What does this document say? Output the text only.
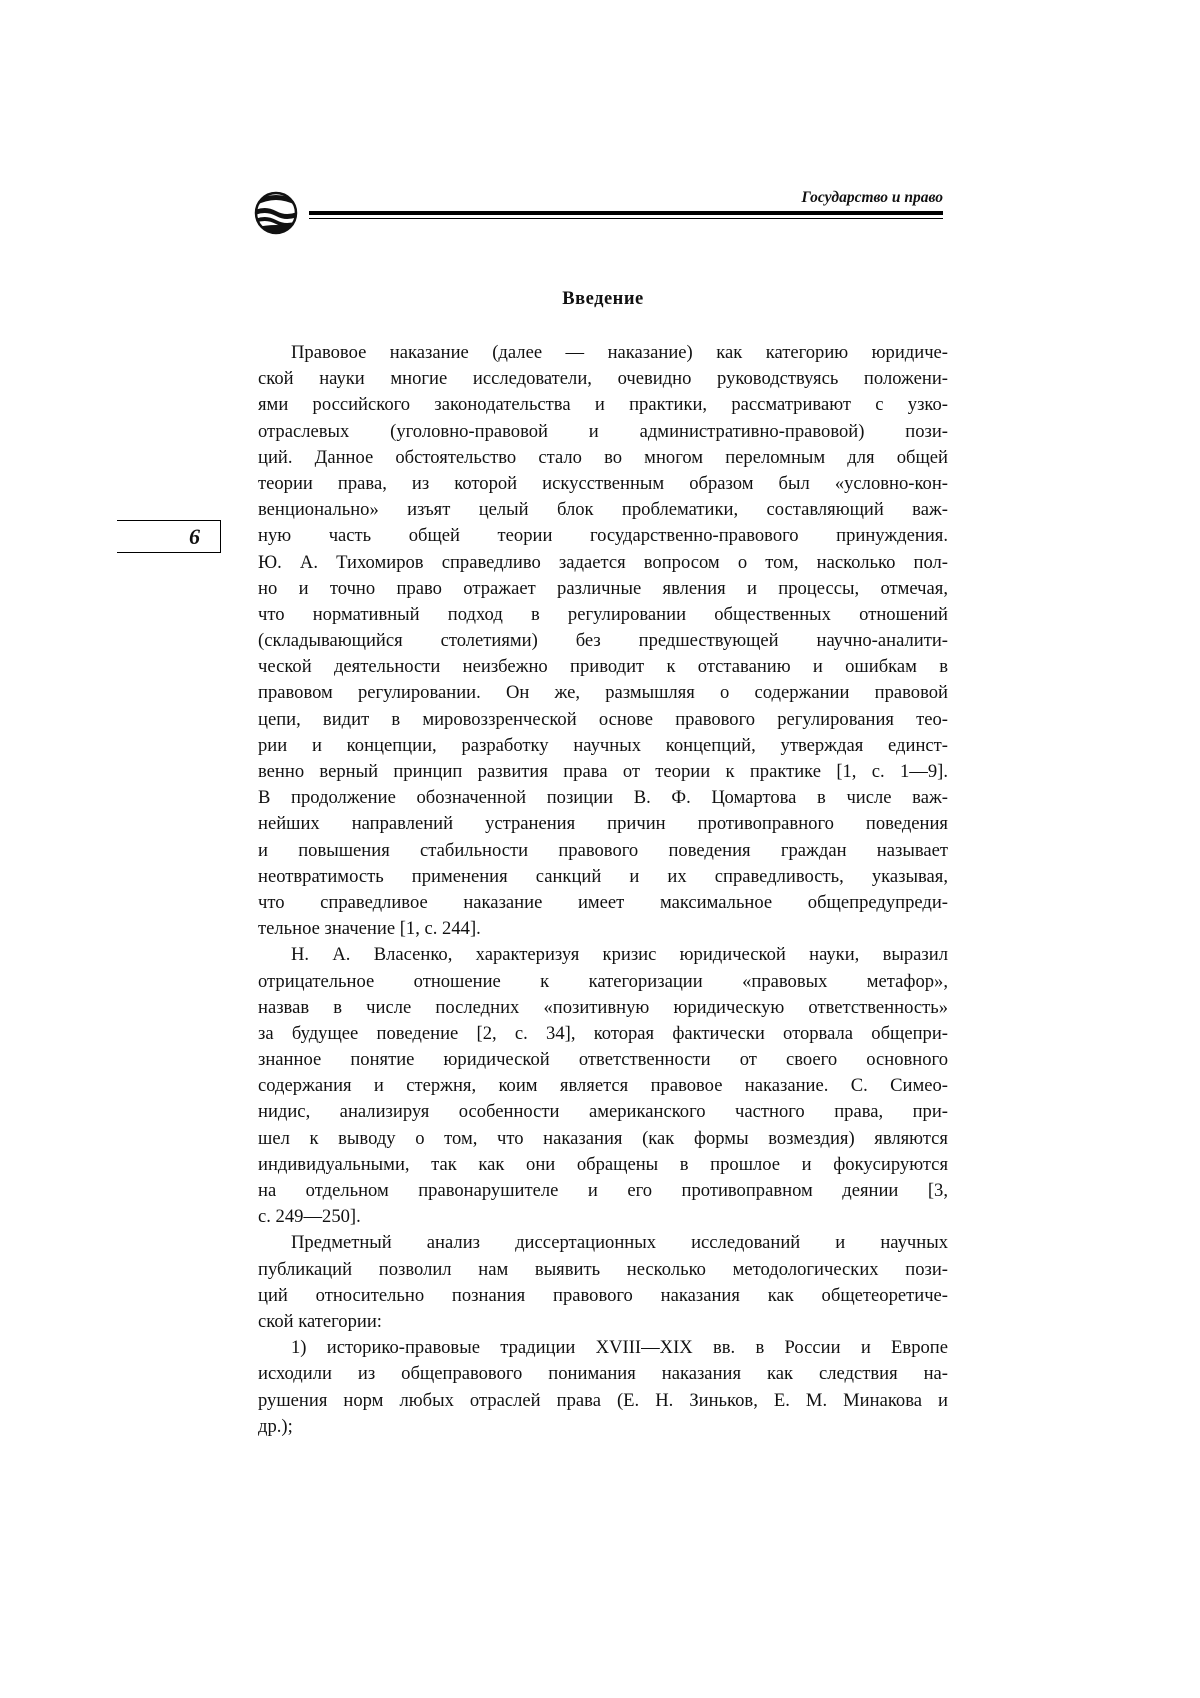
Государство и право
6
Введение
Правовое наказание (далее — наказание) как категорию юридиче-
ской науки многие исследователи, очевидно руководствуясь положени-
ями российского законодательства и практики, рассматривают с узко-
отраслевых (уголовно-правовой и административно-правовой) пози-
ций. Данное обстоятельство стало во многом переломным для общей
теории права, из которой искусственным образом был «условно-кон-
венционально» изъят целый блок проблематики, составляющий важ-
ную часть общей теории государственно-правового принуждения.
Ю. А. Тихомиров справедливо задается вопросом о том, насколько пол-
но и точно право отражает различные явления и процессы, отмечая,
что нормативный подход в регулировании общественных отношений
(складывающийся столетиями) без предшествующей научно-аналити-
ческой деятельности неизбежно приводит к отставанию и ошибкам в
правовом регулировании. Он же, размышляя о содержании правовой
цепи, видит в мировоззренческой основе правового регулирования тео-
рии и концепции, разработку научных концепций, утверждая единст-
венно верный принцип развития права от теории к практике [1, с. 1—9].
В продолжение обозначенной позиции В. Ф. Цомартова в числе важ-
нейших направлений устранения причин противоправного поведения
и повышения стабильности правового поведения граждан называет
неотвратимость применения санкций и их справедливость, указывая,
что справедливое наказание имеет максимальное общепредупреди-
тельное значение [1, с. 244].
Н. А. Власенко, характеризуя кризис юридической науки, выразил
отрицательное отношение к категоризации «правовых метафор»,
назвав в числе последних «позитивную юридическую ответственность»
за будущее поведение [2, с. 34], которая фактически оторвала общепри-
знанное понятие юридической ответственности от своего основного
содержания и стержня, коим является правовое наказание. С. Симео-
нидис, анализируя особенности американского частного права, при-
шел к выводу о том, что наказания (как формы возмездия) являются
индивидуальными, так как они обращены в прошлое и фокусируются
на отдельном правонарушителе и его противоправном деянии [3,
с. 249—250].
Предметный анализ диссертационных исследований и научных
публикаций позволил нам выявить несколько методологических пози-
ций относительно познания правового наказания как общетеоретиче-
ской категории:
1) историко-правовые традиции XVIII—XIX вв. в России и Европе
исходили из общеправового понимания наказания как следствия на-
рушения норм любых отраслей права (Е. Н. Зиньков, Е. М. Минакова и
др.);
